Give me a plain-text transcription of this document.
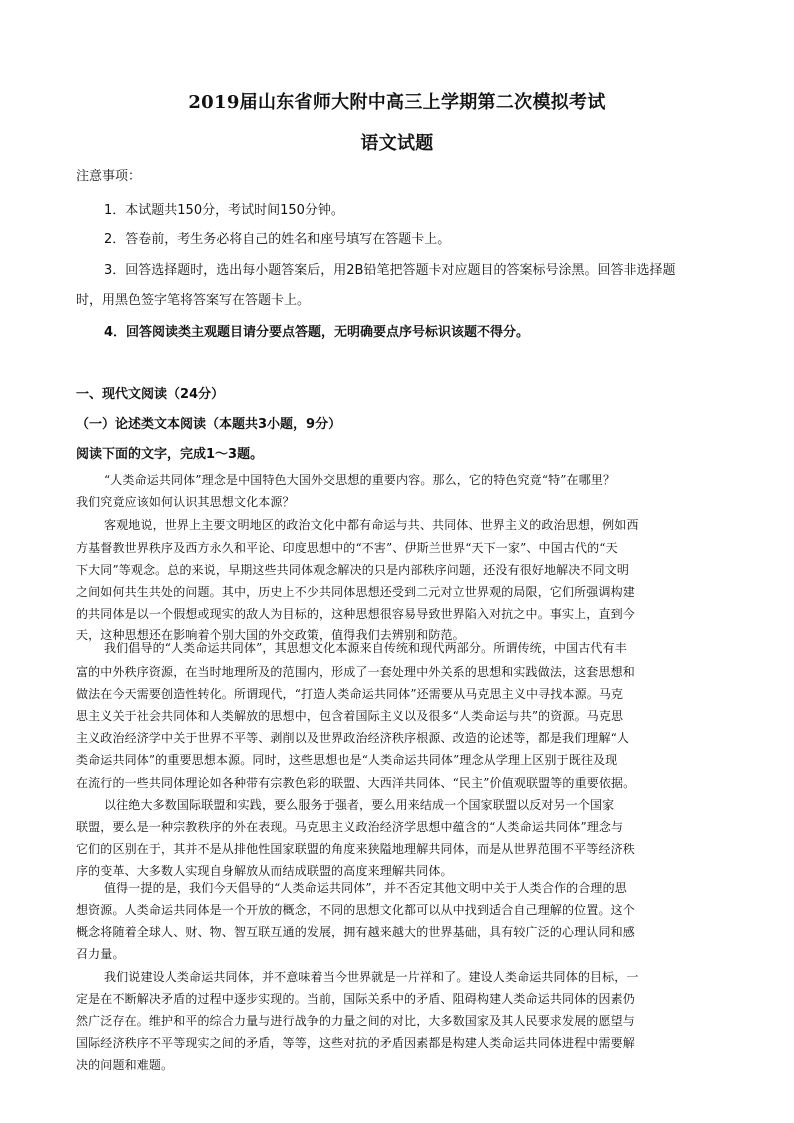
2019届山东省师大附中高三上学期第二次模拟考试
语文试题
注意事项：
1．本试题共150分，考试时间150分钟。
2．答卷前，考生务必将自己的姓名和座号填写在答题卡上。
3．回答选择题时，选出每小题答案后，用2B铅笔把答题卡对应题目的答案标号涂黑。回答非选择题
时，用黑色签字笔将答案写在答题卡上。
4．回答阅读类主观题目请分要点答题，无明确要点序号标识该题不得分。
一、现代文阅读（24分）
（一）论述类文本阅读（本题共3小题，9分）
阅读下面的文字，完成1～3题。
“人类命运共同体”理念是中国特色大国外交思想的重要内容。那么，它的特色究竟“特”在哪里？
我们究竟应该如何认识其思想文化本源？
客观地说，世界上主要文明地区的政治文化中都有命运与共、共同体、世界主义的政治思想，例如西
方基督教世界秩序及西方永久和平论、印度思想中的“不害”、伊斯兰世界“天下一家”、中国古代的“天
下大同”等观念。总的来说，早期这些共同体观念解决的只是内部秩序问题，还没有很好地解决不同文明
之间如何共生共处的问题。其中，历史上不少共同体思想还受到二元对立世界观的局限，它们所强调构建
的共同体是以一个假想或现实的敌人为目标的，这种思想很容易导致世界陷入对抗之中。事实上，直到今
天，这种思想还在影响着个别大国的外交政策，值得我们去辨别和防范。
我们倡导的“人类命运共同体”，其思想文化本源来自传统和现代两部分。所谓传统，中国古代有丰
富的中外秩序资源，在当时地理所及的范围内，形成了一套处理中外关系的思想和实践做法，这套思想和
做法在今天需要创造性转化。所谓现代，“打造人类命运共同体”还需要从马克思主义中寻找本源。马克
思主义关于社会共同体和人类解放的思想中，包含着国际主义以及很多“人类命运与共”的资源。马克思
主义政治经济学中关于世界不平等、剥削以及世界政治经济秩序根源、改造的论述等，都是我们理解“人
类命运共同体”的重要思想本源。同时，这些思想也是“人类命运共同体”理念从学理上区别于既往及现
在流行的一些共同体理论如各种带有宗教色彩的联盟、大西洋共同体、“民主”价值观联盟等的重要依据。
以往绝大多数国际联盟和实践，要么服务于强者，要么用来结成一个国家联盟以反对另一个国家
联盟，要么是一种宗教秩序的外在表现。马克思主义政治经济学思想中蕴含的“人类命运共同体”理念与
它们的区别在于，其并不是从排他性国家联盟的角度来狭隘地理解共同体，而是从世界范围不平等经济秩
序的变革、大多数人实现自身解放从而结成联盟的高度来理解共同体。
值得一提的是，我们今天倡导的“人类命运共同体”，并不否定其他文明中关于人类合作的合理的思
想资源。人类命运共同体是一个开放的概念，不同的思想文化都可以从中找到适合自己理解的位置。这个
概念将随着全球人、财、物、智互联互通的发展，拥有越来越大的世界基础，具有较广泛的心理认同和感
召力量。
我们说建设人类命运共同体，并不意味着当今世界就是一片祥和了。建设人类命运共同体的目标，一
定是在不断解决矛盾的过程中逐步实现的。当前，国际关系中的矛盾、阻碍构建人类命运共同体的因素仍
然广泛存在。维护和平的综合力量与进行战争的力量之间的对比，大多数国家及其人民要求发展的愿望与
国际经济秩序不平等现实之间的矛盾，等等，这些对抗的矛盾因素都是构建人类命运共同体进程中需要解
决的问题和难题。
